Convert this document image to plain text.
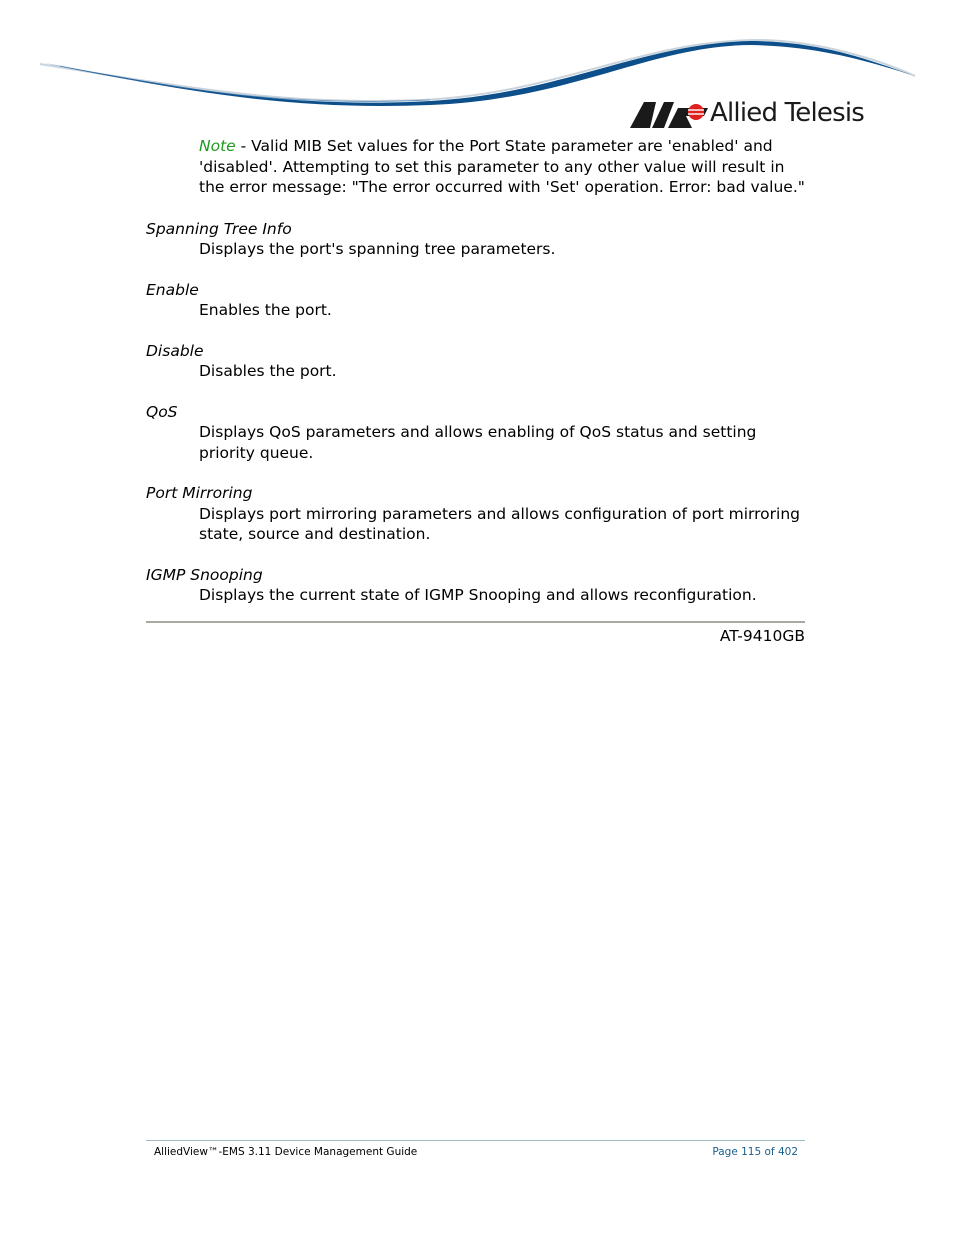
Allied Telesis
Note - Valid MIB Set values for the Port State parameter are 'enabled' and 'disabled'. Attempting to set this parameter to any other value will result in the error message: "The error occurred with 'Set' operation. Error: bad value."
Spanning Tree Info
Displays the port's spanning tree parameters.
Enable
Enables the port.
Disable
Disables the port.
QoS
Displays QoS parameters and allows enabling of QoS status and setting priority queue.
Port Mirroring
Displays port mirroring parameters and allows configuration of port mirroring state, source and destination.
IGMP Snooping
Displays the current state of IGMP Snooping and allows reconfiguration.
AT-9410GB
AlliedView™-EMS 3.11 Device Management Guide	Page 115 of 402
